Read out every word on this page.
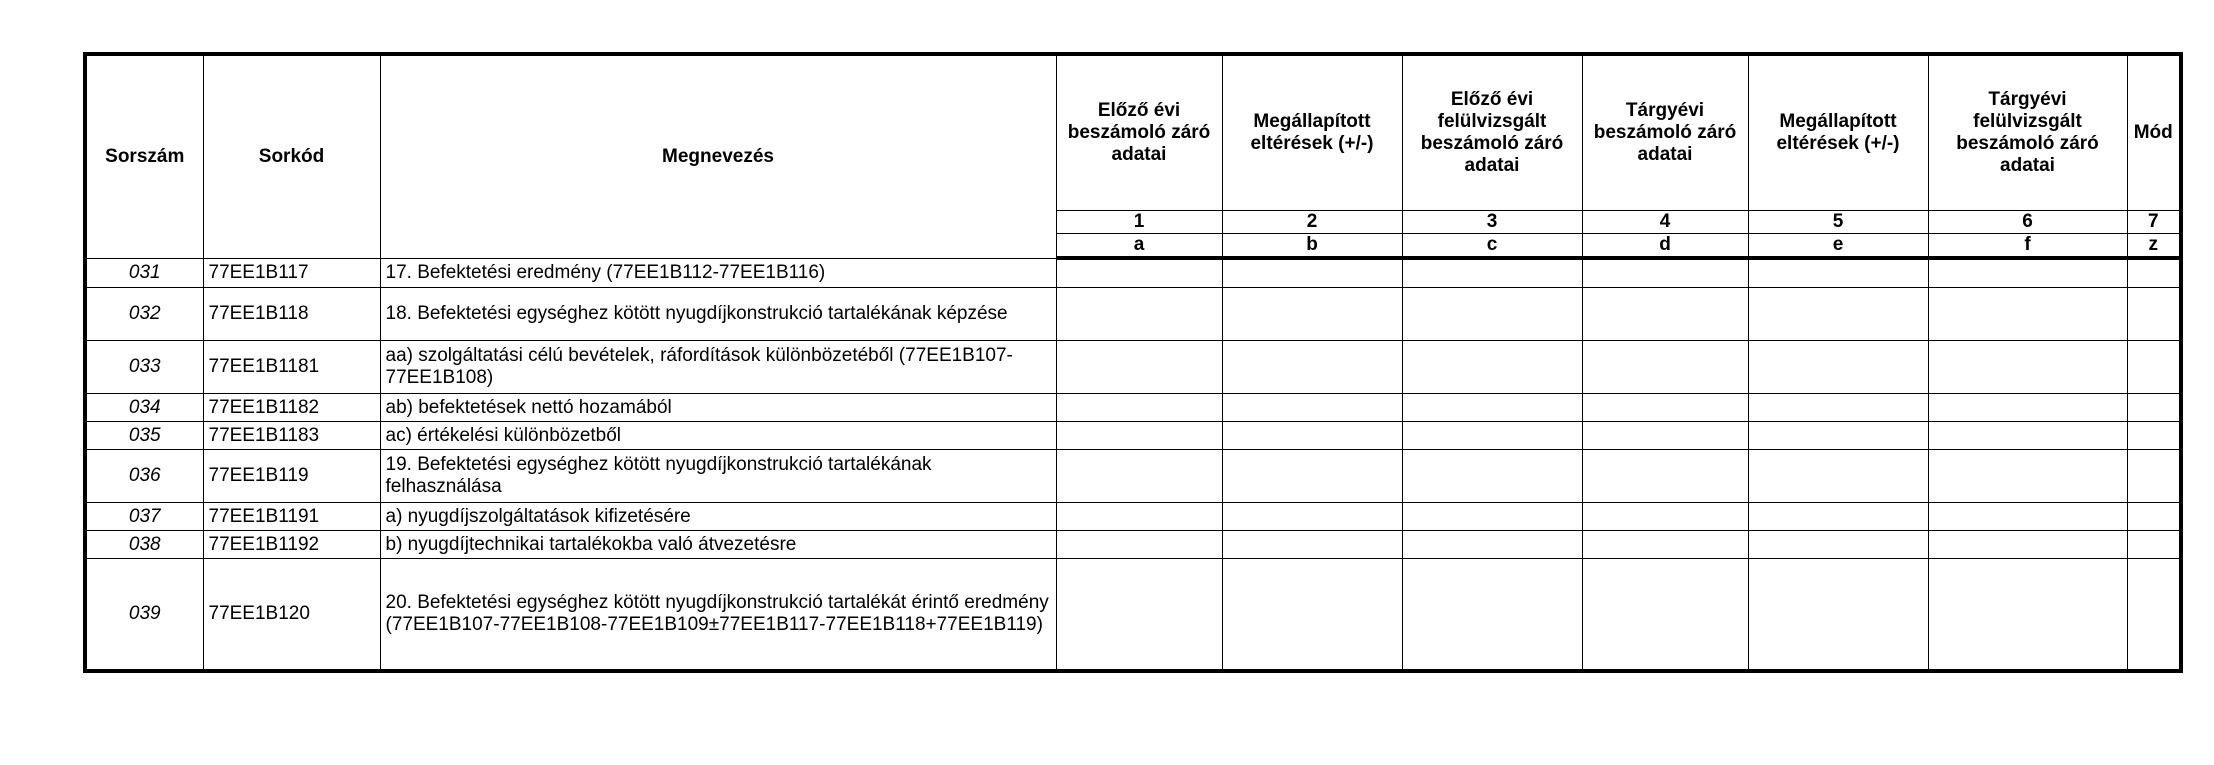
Sorszám	Sorkód	Megnevezés	Előző évi beszámoló záró adatai	Megállapított eltérések (+/-)	Előző évi felülvizsgált beszámoló záró adatai	Tárgyévi beszámoló záró adatai	Megállapított eltérések (+/-)	Tárgyévi felülvizsgált beszámoló záró adatai	Mód
			1	2	3	4	5	6	7
			a	b	c	d	e	f	z
031	77EE1B117	17. Befektetési eredmény (77EE1B112-77EE1B116)							
032	77EE1B118	18. Befektetési egységhez kötött nyugdíjkonstrukció tartalékának képzése							
033	77EE1B1181	aa) szolgáltatási célú bevételek, ráfordítások különbözetéből (77EE1B107-77EE1B108)							
034	77EE1B1182	ab) befektetések nettó hozamából							
035	77EE1B1183	ac) értékelési különbözetből							
036	77EE1B119	19. Befektetési egységhez kötött nyugdíjkonstrukció tartalékának felhasználása							
037	77EE1B1191	a) nyugdíjszolgáltatások kifizetésére							
038	77EE1B1192	b) nyugdíjtechnikai tartalékokba való átvezetésre							
039	77EE1B120	20. Befektetési egységhez kötött nyugdíjkonstrukció tartalékát érintő eredmény (77EE1B107-77EE1B108-77EE1B109±77EE1B117-77EE1B118+77EE1B119)							
